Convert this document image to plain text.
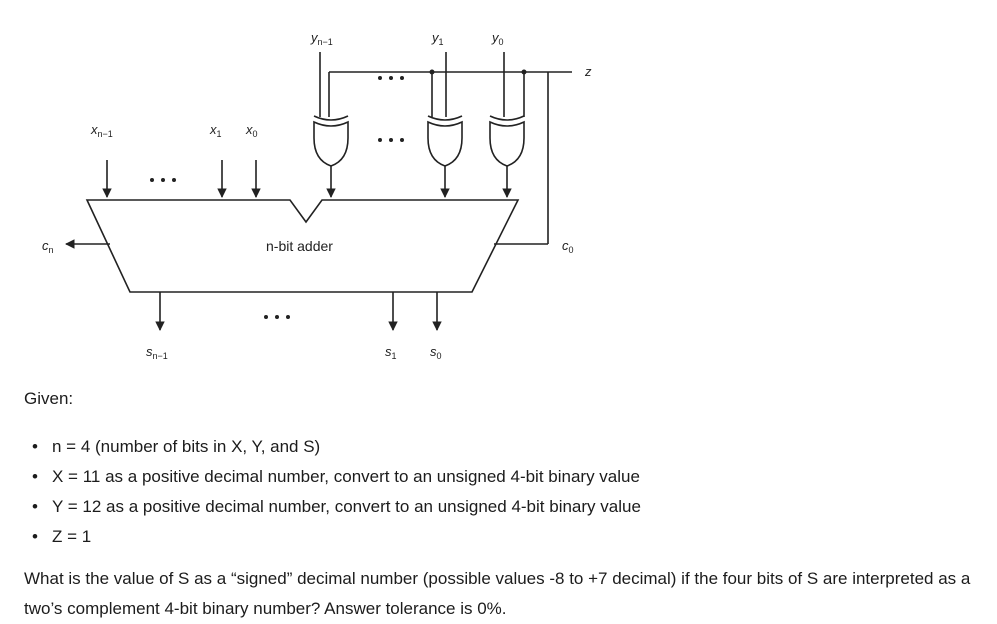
$y_{n-1}$	$y_1$	$y_0$
z
$x_{n-1}$	$x_1$ $x_0$
$c_n$	$c_0$
n-bit adder
$s_{n-1}$	$s_1$	$s_0$

Given:

• n = 4 (number of bits in X, Y, and S)
• X = 11 as a positive decimal number, convert to an unsigned 4-bit binary value
• Y = 12 as a positive decimal number, convert to an unsigned 4-bit binary value
• Z = 1

What is the value of S as a “signed” decimal number (possible values -8 to +7 decimal) if the four bits of S are interpreted as a two’s complement 4-bit binary number? Answer tolerance is 0%.
